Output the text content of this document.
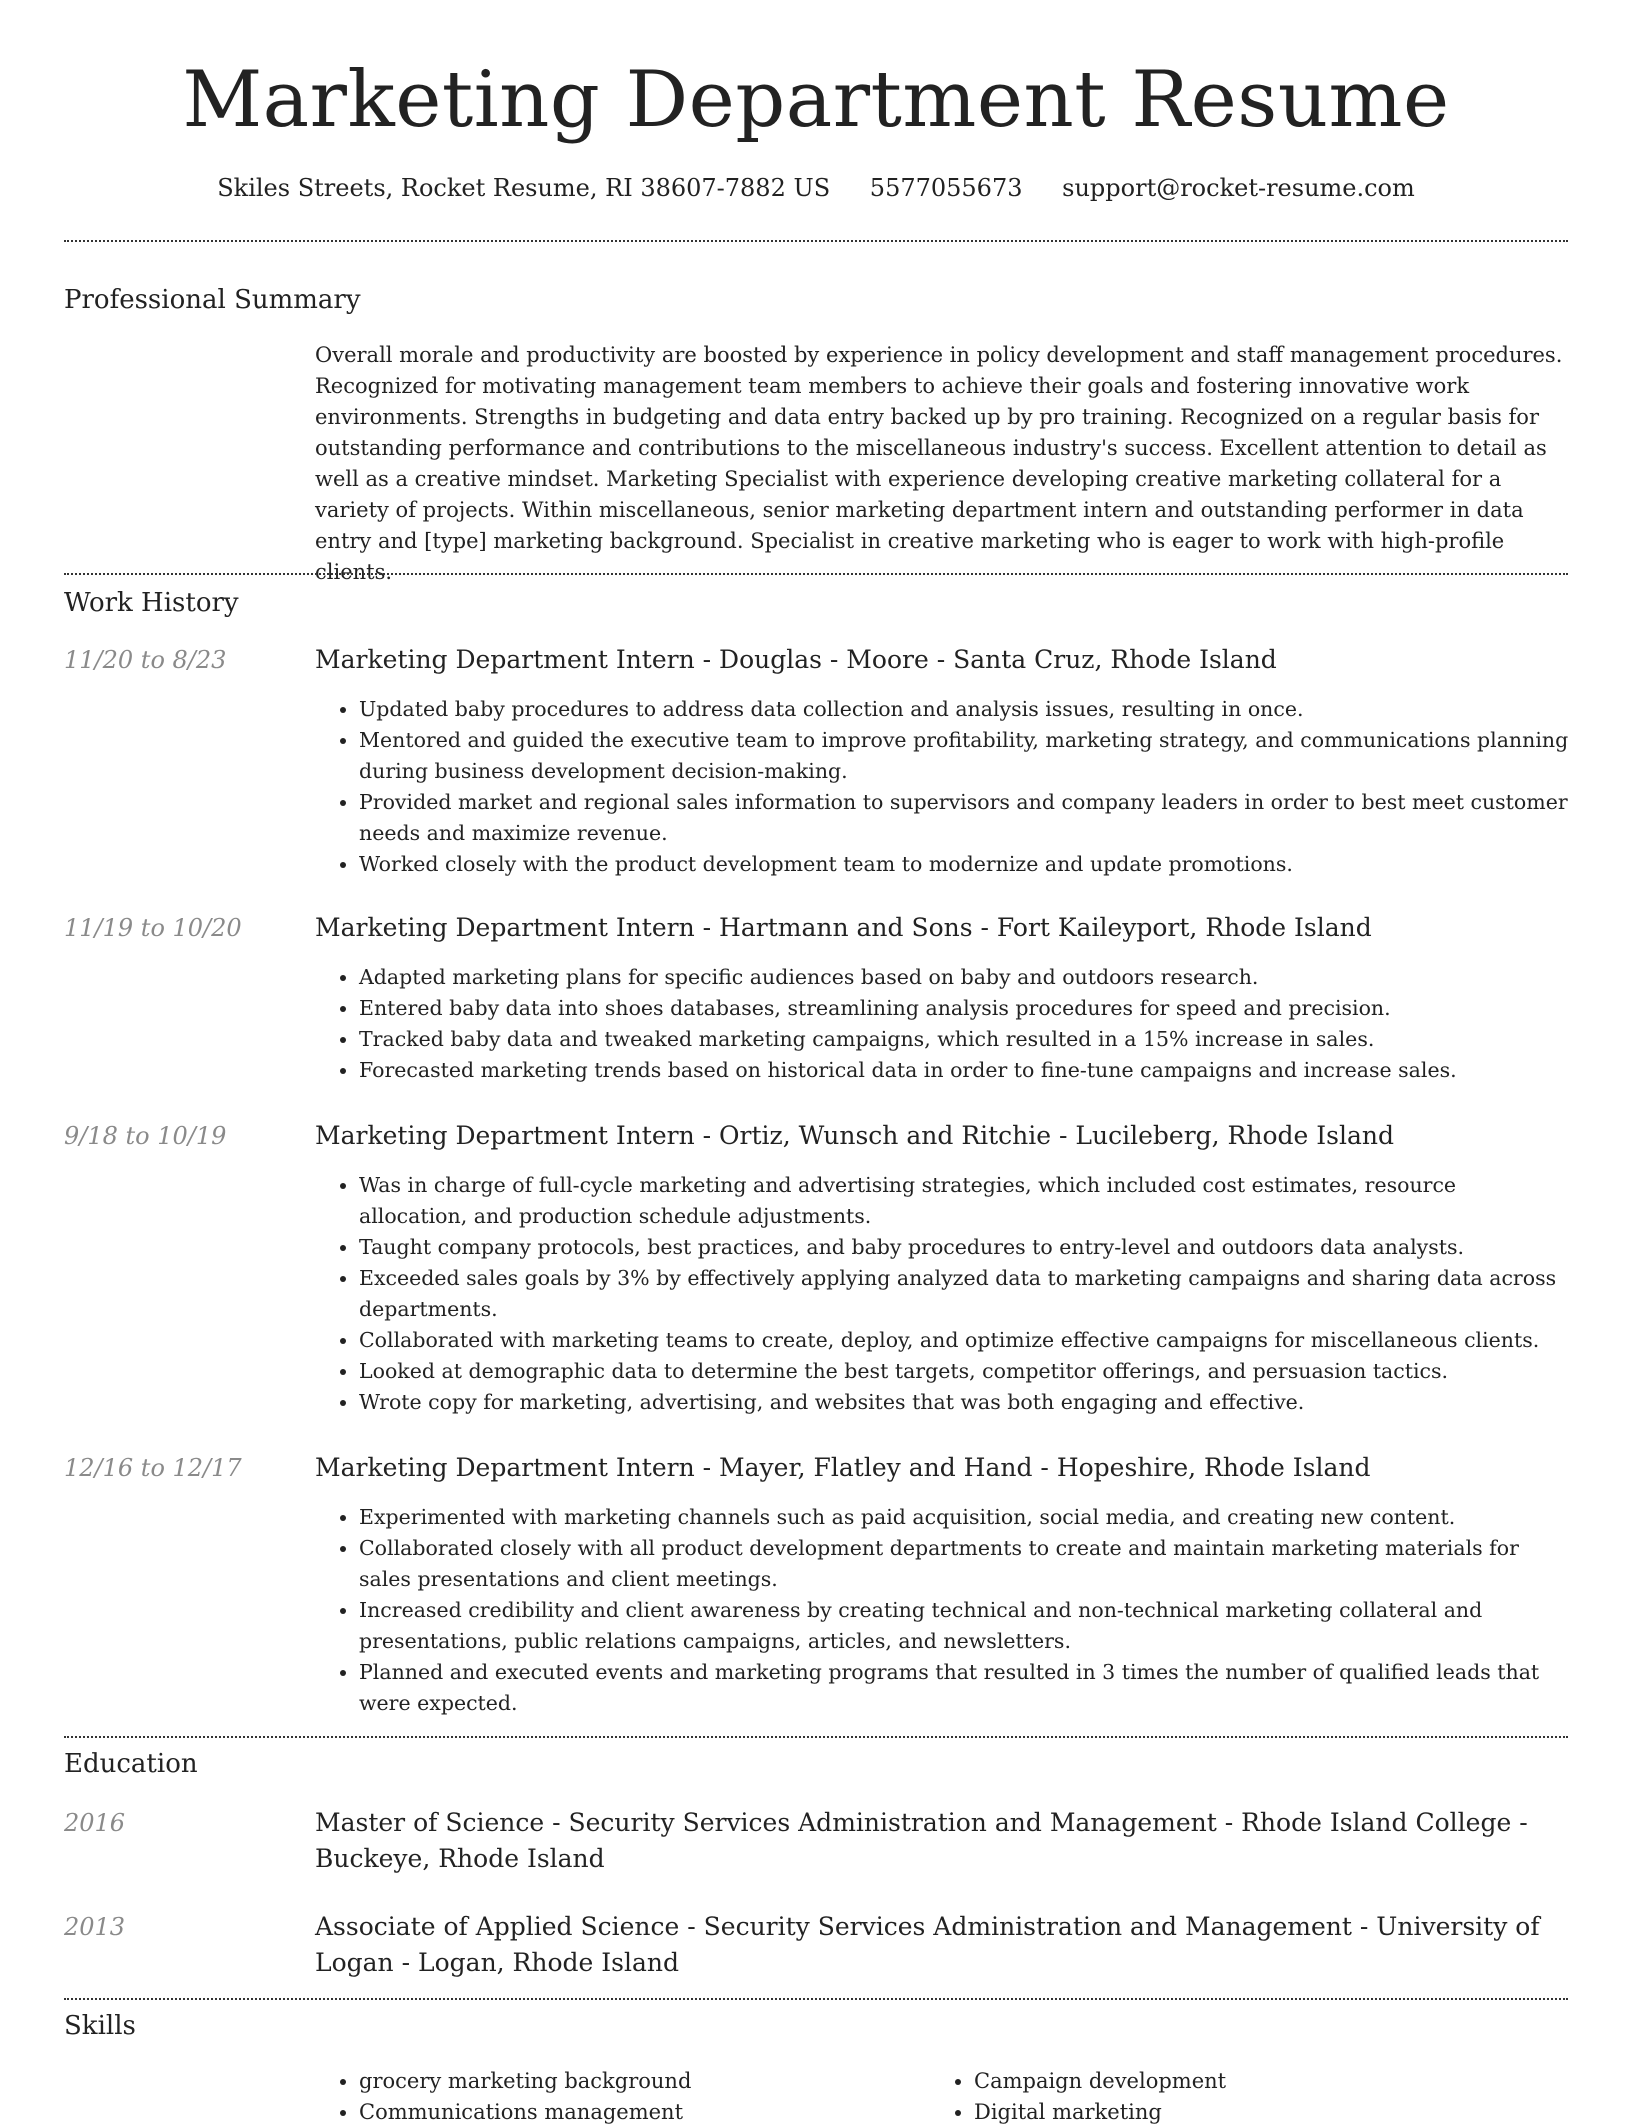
Marketing Department Resume
Skiles Streets, Rocket Resume, RI 38607-7882 US 5577055673 support@rocket-resume.com
Professional Summary
Overall morale and productivity are boosted by experience in policy development and staff management procedures. Recognized for motivating management team members to achieve their goals and fostering innovative work environments. Strengths in budgeting and data entry backed up by pro training. Recognized on a regular basis for outstanding performance and contributions to the miscellaneous industry's success. Excellent attention to detail as well as a creative mindset. Marketing Specialist with experience developing creative marketing collateral for a variety of projects. Within miscellaneous, senior marketing department intern and outstanding performer in data entry and [type] marketing background. Specialist in creative marketing who is eager to work with high-profile clients.
Work History
11/20 to 8/23	Marketing Department Intern - Douglas - Moore - Santa Cruz, Rhode Island
• Updated baby procedures to address data collection and analysis issues, resulting in once.
• Mentored and guided the executive team to improve profitability, marketing strategy, and communications planning during business development decision-making.
• Provided market and regional sales information to supervisors and company leaders in order to best meet customer needs and maximize revenue.
• Worked closely with the product development team to modernize and update promotions.
11/19 to 10/20	Marketing Department Intern - Hartmann and Sons - Fort Kaileyport, Rhode Island
• Adapted marketing plans for specific audiences based on baby and outdoors research.
• Entered baby data into shoes databases, streamlining analysis procedures for speed and precision.
• Tracked baby data and tweaked marketing campaigns, which resulted in a 15% increase in sales.
• Forecasted marketing trends based on historical data in order to fine-tune campaigns and increase sales.
9/18 to 10/19	Marketing Department Intern - Ortiz, Wunsch and Ritchie - Lucileberg, Rhode Island
• Was in charge of full-cycle marketing and advertising strategies, which included cost estimates, resource allocation, and production schedule adjustments.
• Taught company protocols, best practices, and baby procedures to entry-level and outdoors data analysts.
• Exceeded sales goals by 3% by effectively applying analyzed data to marketing campaigns and sharing data across departments.
• Collaborated with marketing teams to create, deploy, and optimize effective campaigns for miscellaneous clients.
• Looked at demographic data to determine the best targets, competitor offerings, and persuasion tactics.
• Wrote copy for marketing, advertising, and websites that was both engaging and effective.
12/16 to 12/17	Marketing Department Intern - Mayer, Flatley and Hand - Hopeshire, Rhode Island
• Experimented with marketing channels such as paid acquisition, social media, and creating new content.
• Collaborated closely with all product development departments to create and maintain marketing materials for sales presentations and client meetings.
• Increased credibility and client awareness by creating technical and non-technical marketing collateral and presentations, public relations campaigns, articles, and newsletters.
• Planned and executed events and marketing programs that resulted in 3 times the number of qualified leads that were expected.
Education
2016	Master of Science - Security Services Administration and Management - Rhode Island College - Buckeye, Rhode Island
2013	Associate of Applied Science - Security Services Administration and Management - University of Logan - Logan, Rhode Island
Skills
• grocery marketing background
• Communications management
• Campaign development
• Digital marketing
